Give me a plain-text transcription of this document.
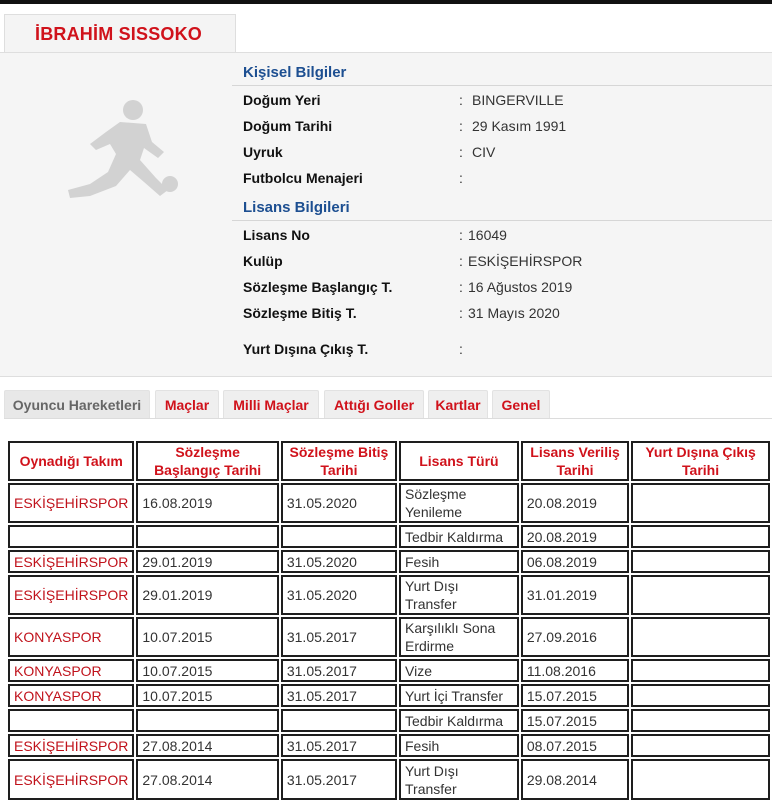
İBRAHİM SISSOKO
Kişisel Bilgiler
Doğum Yeri	: BINGERVILLE
Doğum Tarihi	: 29 Kasım 1991
Uyruk	: CIV
Futbolcu Menajeri	:
Lisans Bilgileri
Lisans No	: 16049
Kulüp	: ESKİŞEHİRSPOR
Sözleşme Başlangıç T.	: 16 Ağustos 2019
Sözleşme Bitiş T.	: 31 Mayıs 2020
Yurt Dışına Çıkış T.	:
Oyuncu Hareketleri	Maçlar	Milli Maçlar	Attığı Goller	Kartlar	Genel
Oynadığı Takım	Sözleşme Başlangıç Tarihi	Sözleşme Bitiş Tarihi	Lisans Türü	Lisans Veriliş Tarihi	Yurt Dışına Çıkış Tarihi
ESKİŞEHİRSPOR	16.08.2019	31.05.2020	Sözleşme Yenileme	20.08.2019	
			Tedbir Kaldırma	20.08.2019	
ESKİŞEHİRSPOR	29.01.2019	31.05.2020	Fesih	06.08.2019	
ESKİŞEHİRSPOR	29.01.2019	31.05.2020	Yurt Dışı Transfer	31.01.2019	
KONYASPOR	10.07.2015	31.05.2017	Karşılıklı Sona Erdirme	27.09.2016	
KONYASPOR	10.07.2015	31.05.2017	Vize	11.08.2016	
KONYASPOR	10.07.2015	31.05.2017	Yurt İçi Transfer	15.07.2015	
			Tedbir Kaldırma	15.07.2015	
ESKİŞEHİRSPOR	27.08.2014	31.05.2017	Fesih	08.07.2015	
ESKİŞEHİRSPOR	27.08.2014	31.05.2017	Yurt Dışı Transfer	29.08.2014	
